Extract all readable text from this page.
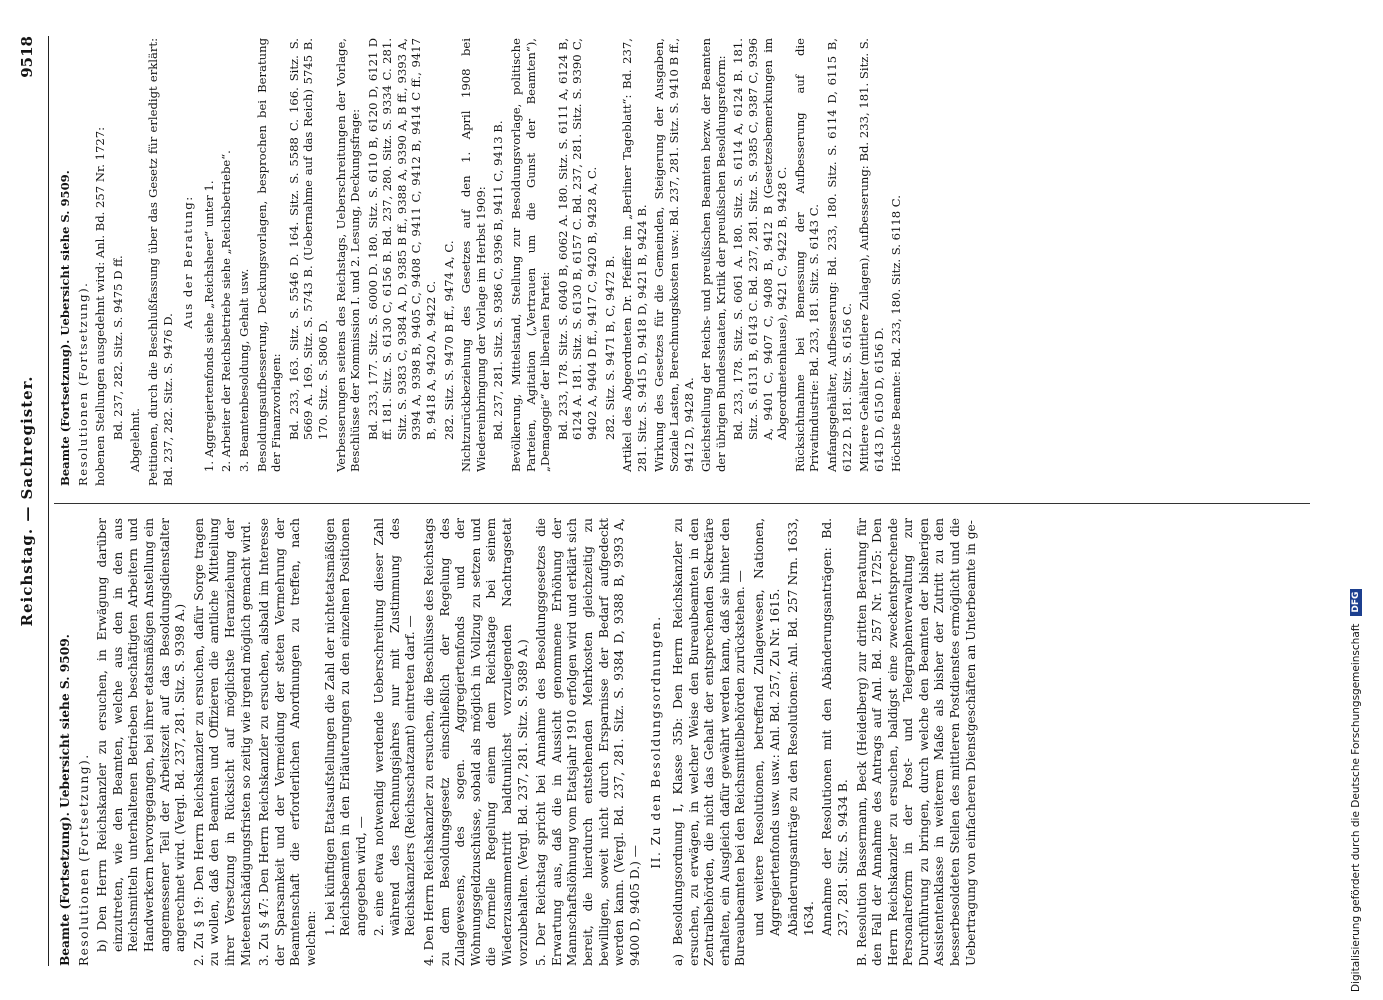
Reichstag. — Sachregister.
9518

Beamte (Fortsetzung). Uebersicht siehe S. 9509. Resolutionen (Fortsetzung). b) Den Herrn Reichskanzler zu ersuchen, in Erwägung darüber einzutreten, wie den Beamten, welche aus den in den aus Reichsmitteln unterhaltenen Betrieben beschäftigten Arbeitern und Handwerkern hervorgegangen, bei ihrer etatsmäßigen Anstellung ein angemessener Teil der Arbeitszeit auf das Besoldungsdienstalter angerechnet wird. (Vergl. Bd. 237, 281. Sitz. S. 9398 A.) 2. Zu § 19: Den Herrn Reichskanzler zu ersuchen, dafür Sorge tragen zu wollen, daß den Beamten und Offizieren die amtliche Mitteilung ihrer Versetzung in Rücksicht auf möglichste Heranziehung der Mieteentschädigungsfristen so zeitig wie irgend möglich gemacht wird. 3. Zu § 47: Den Herrn Reichskanzler zu ersuchen, alsbald im Interesse der Sparsamkeit und der Vermeidung der steten Vermehrung der Beamtenschaft die erforderlichen Anordnungen zu treffen, nach welchen:

1. bei künftigen Etatsaufstellungen die Zahl der nichtetatsmäßigen Reichsbeamten in den Erläuterungen zu den einzelnen Positionen angegeben wird, — 2. eine etwa notwendig werdende Ueberschreitung dieser Zahl während des Rechnungsjahres nur mit Zustimmung des Reichskanzlers (Reichsschatzamt) eintreten darf. — 4. Den Herrn Reichskanzler zu ersuchen, die Beschlüsse des Reichstags zu dem Besoldungsgesetz einschließlich der Regelung des Zulagewesens, des sogen. Aggregiertenfonds und der Wohnungsgeldzuschüsse, sobald als möglich in Vollzug zu setzen und die formelle Regelung einem dem Reichstage bei seinem Wiederzusammentritt baldtunlichst vorzulegenden Nachtragsetat vorzubehalten. (Vergl. Bd. 237, 281. Sitz. S. 9389 A.) 5. Der Reichstag spricht bei Annahme des Besoldungsgesetzes die Erwartung aus, daß die in Aussicht genommene Erhöhung der Mannschaftslöhnung vom Etatsjahr 1910 erfolgen wird und erklärt sich bereit, die hierdurch entstehenden Mehrkosten gleichzeitig zu bewilligen, soweit nicht durch Ersparnisse der Bedarf aufgedeckt werden kann. (Vergl. Bd. 237, 281. Sitz. S. 9384 D, 9388 B, 9393 A, 9400 D, 9405 D.) —

II. Zu den Besoldungsordnungen. a) Besoldungsordnung I, Klasse 35b: Den Herrn Reichskanzler zu ersuchen, zu erwägen, in welcher Weise den Bureaubeamten in den Zentralbehörden, die nicht das Gehalt der entsprechenden Sekretäre erhalten, ein Ausgleich dafür gewährt werden kann, daß sie hinter den Bureaubeamten bei den Reichsmittelbehörden zurückstehen. — und weitere Resolutionen, betreffend Zulagewesen, Nationen, Aggregiertenfonds usw. usw.: Anl. Bd. 257, Zu Nr. 1615. Abänderungsanträge zu den Resolutionen: Anl. Bd. 257 Nrn. 1633, 1634. Annahme der Resolutionen mit den Abänderungsanträgen: Bd. 237, 281. Sitz. S. 9434 B. B. Resolution Bassermann, Beck (Heidelberg) zur dritten Beratung für den Fall der Annahme des Antrags auf Anl. Bd. 257 Nr. 1725: Den Herrn Reichskanzler zu ersuchen, baldigst eine zweckentsprechende Personalreform in der Post- und Telegraphenverwaltung zur Durchführung zu bringen, durch welche den Beamten der bisherigen Assistentenklasse in weiterem Maße als bisher der Zutritt zu den besserbesoldeten Stellen des mittleren Postdienstes ermöglicht und die Uebertragung von einfacheren Dienstgeschäften an Unterbeamte in ge-

Beamte (Fortsetzung). Uebersicht siehe S. 9509. Resolutionen (Fortsetzung). hobenen Stellungen ausgedehnt wird: Anl. Bd. 257 Nr. 1727: Bd. 237, 282. Sitz. S. 9475 D ff.

Abgelehnt. Petitionen, durch die Beschlußfassung über das Gesetz für erledigt erklärt: Bd. 237, 282. Sitz. S. 9476 D.

Aus der Beratung: 1. Aggregiertenfonds siehe „Reichsheer“ unter 1. 2. Arbeiter der Reichsbetriebe siehe „Reichsbetriebe“. 3. Beamtenbesoldung, Gehalt usw. Besoldungsaufbesserung, Deckungsvorlagen, besprochen bei Beratung der Finanzvorlagen: Bd. 233, 163. Sitz. S. 5546 D. 164. Sitz. S. 5588 C. 166. Sitz. S. 5669 A. 169. Sitz. S. 5743 B. (Uebernahme auf das Reich) 5745 B. 170. Sitz. S. 5806 D. Verbesserungen seitens des Reichstags, Ueberschreitungen der Vorlage, Beschlüsse der Kommission I. und 2. Lesung, Deckungsfrage: Bd. 233, 177. Sitz. S. 6000 D. 180. Sitz. S. 6110 B, 6120 D, 6121 D ff. 181. Sitz. S. 6130 C, 6156 B. Bd. 237, 280. Sitz. S. 9334 C. 281. Sitz. S. 9383 C, 9384 A, D, 9385 B ff., 9388 A, 9390 A, B ff., 9393 A, 9394 A, 9398 B, 9405 C, 9408 C, 9411 C, 9412 B, 9414 C ff., 9417 B, 9418 A, 9420 A, 9422 C. 282. Sitz. S. 9470 B ff., 9474 A, C. Nichtzurückbeziehung des Gesetzes auf den 1. April 1908 bei Wiedereinbringung der Vorlage im Herbst 1909: Bd. 237, 281. Sitz. S. 9386 C, 9396 B, 9411 C, 9413 B. Bevölkerung, Mittelstand, Stellung zur Besoldungsvorlage, politische Parteien, Agitation („Vertrauen um die Gunst der Beamten“), „Demagogie“ der liberalen Partei: Bd. 233, 178. Sitz. S. 6040 B, 6062 A. 180. Sitz. S. 6111 A, 6124 B, 6124 A. 181. Sitz. S. 6130 B, 6157 C. Bd. 237, 281. Sitz. S. 9390 C, 9402 A, 9404 D ff., 9417 C, 9420 B, 9428 A, C. 282. Sitz. S. 9471 B, C, 9472 B. Artikel des Abgeordneten Dr. Pfeiffer im „Berliner Tageblatt“: Bd. 237, 281. Sitz. S. 9415 D, 9418 D, 9421 B, 9424 B. Wirkung des Gesetzes für die Gemeinden, Steigerung der Ausgaben, Soziale Lasten, Berechnungskosten usw.: Bd. 237, 281. Sitz. S. 9410 B ff., 9412 D, 9428 A. Gleichstellung der Reichs- und preußischen Beamten bezw. der Beamten der übrigen Bundesstaaten, Kritik der preußischen Besoldungsreform: Bd. 233, 178. Sitz. S. 6061 A. 180. Sitz. S. 6114 A, 6124 B. 181. Sitz. S. 6131 B, 6143 C. Bd. 237, 281. Sitz. S. 9385 C, 9387 C, 9396 A, 9401 C, 9407 C, 9408 B, 9412 B (Gesetzesbemerkungen im Abgeordnetenhause), 9421 C, 9422 B, 9428 C. Rücksichtnahme bei Bemessung der Aufbesserung auf die Privatindustrie: Bd. 233, 181. Sitz. S. 6143 C. Anfangsgehälter, Aufbesserung: Bd. 233, 180. Sitz. S. 6114 D, 6115 B, 6122 D. 181. Sitz. S. 6156 C. Mittlere Gehälter (mittlere Zulagen), Aufbesserung: Bd. 233, 181. Sitz. S. 6143 D, 6150 D, 6156 D. Höchste Beamte: Bd. 233, 180. Sitz. S. 6118 C.

Digitalisierung gefördert durch die Deutsche Forschungsgemeinschaft
DFG
